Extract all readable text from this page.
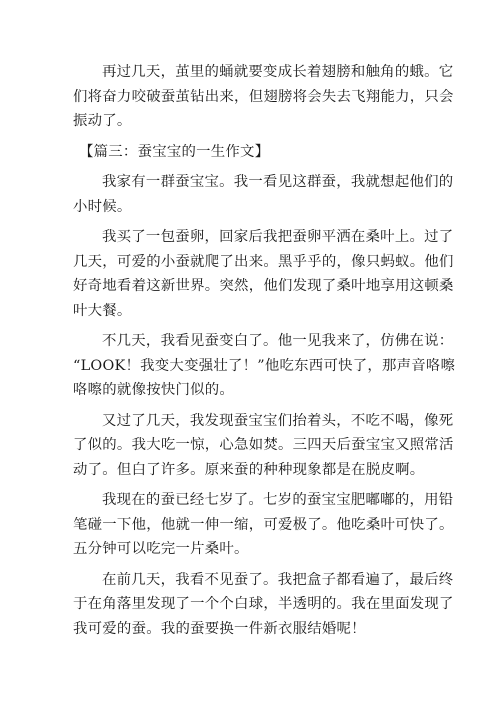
再过几天，茧里的蛹就要变成长着翅膀和触角的蛾。它
们将奋力咬破蚕茧钻出来，但翅膀将会失去飞翔能力，只会
振动了。
【篇三：蚕宝宝的一生作文】
我家有一群蚕宝宝。我一看见这群蚕，我就想起他们的
小时候。
我买了一包蚕卵，回家后我把蚕卵平洒在桑叶上。过了
几天，可爱的小蚕就爬了出来。黑乎乎的，像只蚂蚁。他们
好奇地看着这新世界。突然，他们发现了桑叶地享用这顿桑
叶大餐。
不几天，我看见蚕变白了。他一见我来了，仿佛在说：
“LOOK！我变大变强壮了！”他吃东西可快了，那声音咯嚓
咯嚓的就像按快门似的。
又过了几天，我发现蚕宝宝们抬着头，不吃不喝，像死
了似的。我大吃一惊，心急如焚。三四天后蚕宝宝又照常活
动了。但白了许多。原来蚕的种种现象都是在脱皮啊。
我现在的蚕已经七岁了。七岁的蚕宝宝肥嘟嘟的，用铅
笔碰一下他，他就一伸一缩，可爱极了。他吃桑叶可快了。
五分钟可以吃完一片桑叶。
在前几天，我看不见蚕了。我把盒子都看遍了，最后终
于在角落里发现了一个个白球，半透明的。我在里面发现了
我可爱的蚕。我的蚕要换一件新衣服结婚呢！
